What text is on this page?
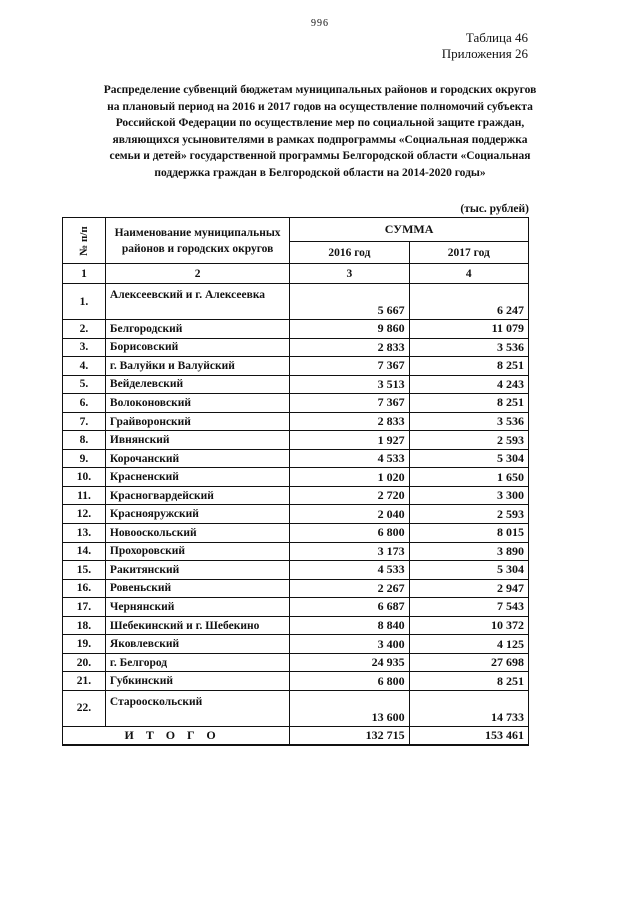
996
Таблица 46
Приложения 26
Распределение субвенций бюджетам муниципальных районов и городских округов
на плановый период на 2016 и 2017 годов на осуществление полномочий субъекта
Российской Федерации по осуществление мер по социальной защите граждан,
являющихся усыновителями в рамках подпрограммы «Социальная поддержка
семьи и детей» государственной программы Белгородской области «Социальная
поддержка граждан в Белгородской области на 2014-2020 годы»
(тыс. рублей)
№ п/п	Наименование муниципальных районов и городских округов	СУММА	
		2016 год	2017 год
1	2	3	4
1.	Алексеевский и г. Алексеевка	5 667	6 247
2.	Белгородский	9 860	11 079
3.	Борисовский	2 833	3 536
4.	г. Валуйки и Валуйский	7 367	8 251
5.	Вейделевский	3 513	4 243
6.	Волоконовский	7 367	8 251
7.	Грайворонский	2 833	3 536
8.	Ивнянский	1 927	2 593
9.	Корочанский	4 533	5 304
10.	Красненский	1 020	1 650
11.	Красногвардейский	2 720	3 300
12.	Краснояружский	2 040	2 593
13.	Новооскольский	6 800	8 015
14.	Прохоровский	3 173	3 890
15.	Ракитянский	4 533	5 304
16.	Ровеньский	2 267	2 947
17.	Чернянский	6 687	7 543
18.	Шебекинский и г. Шебекино	8 840	10 372
19.	Яковлевский	3 400	4 125
20.	г. Белгород	24 935	27 698
21.	Губкинский	6 800	8 251
22.	Старооскольский	13 600	14 733
ИТОГО		132 715	153 461
